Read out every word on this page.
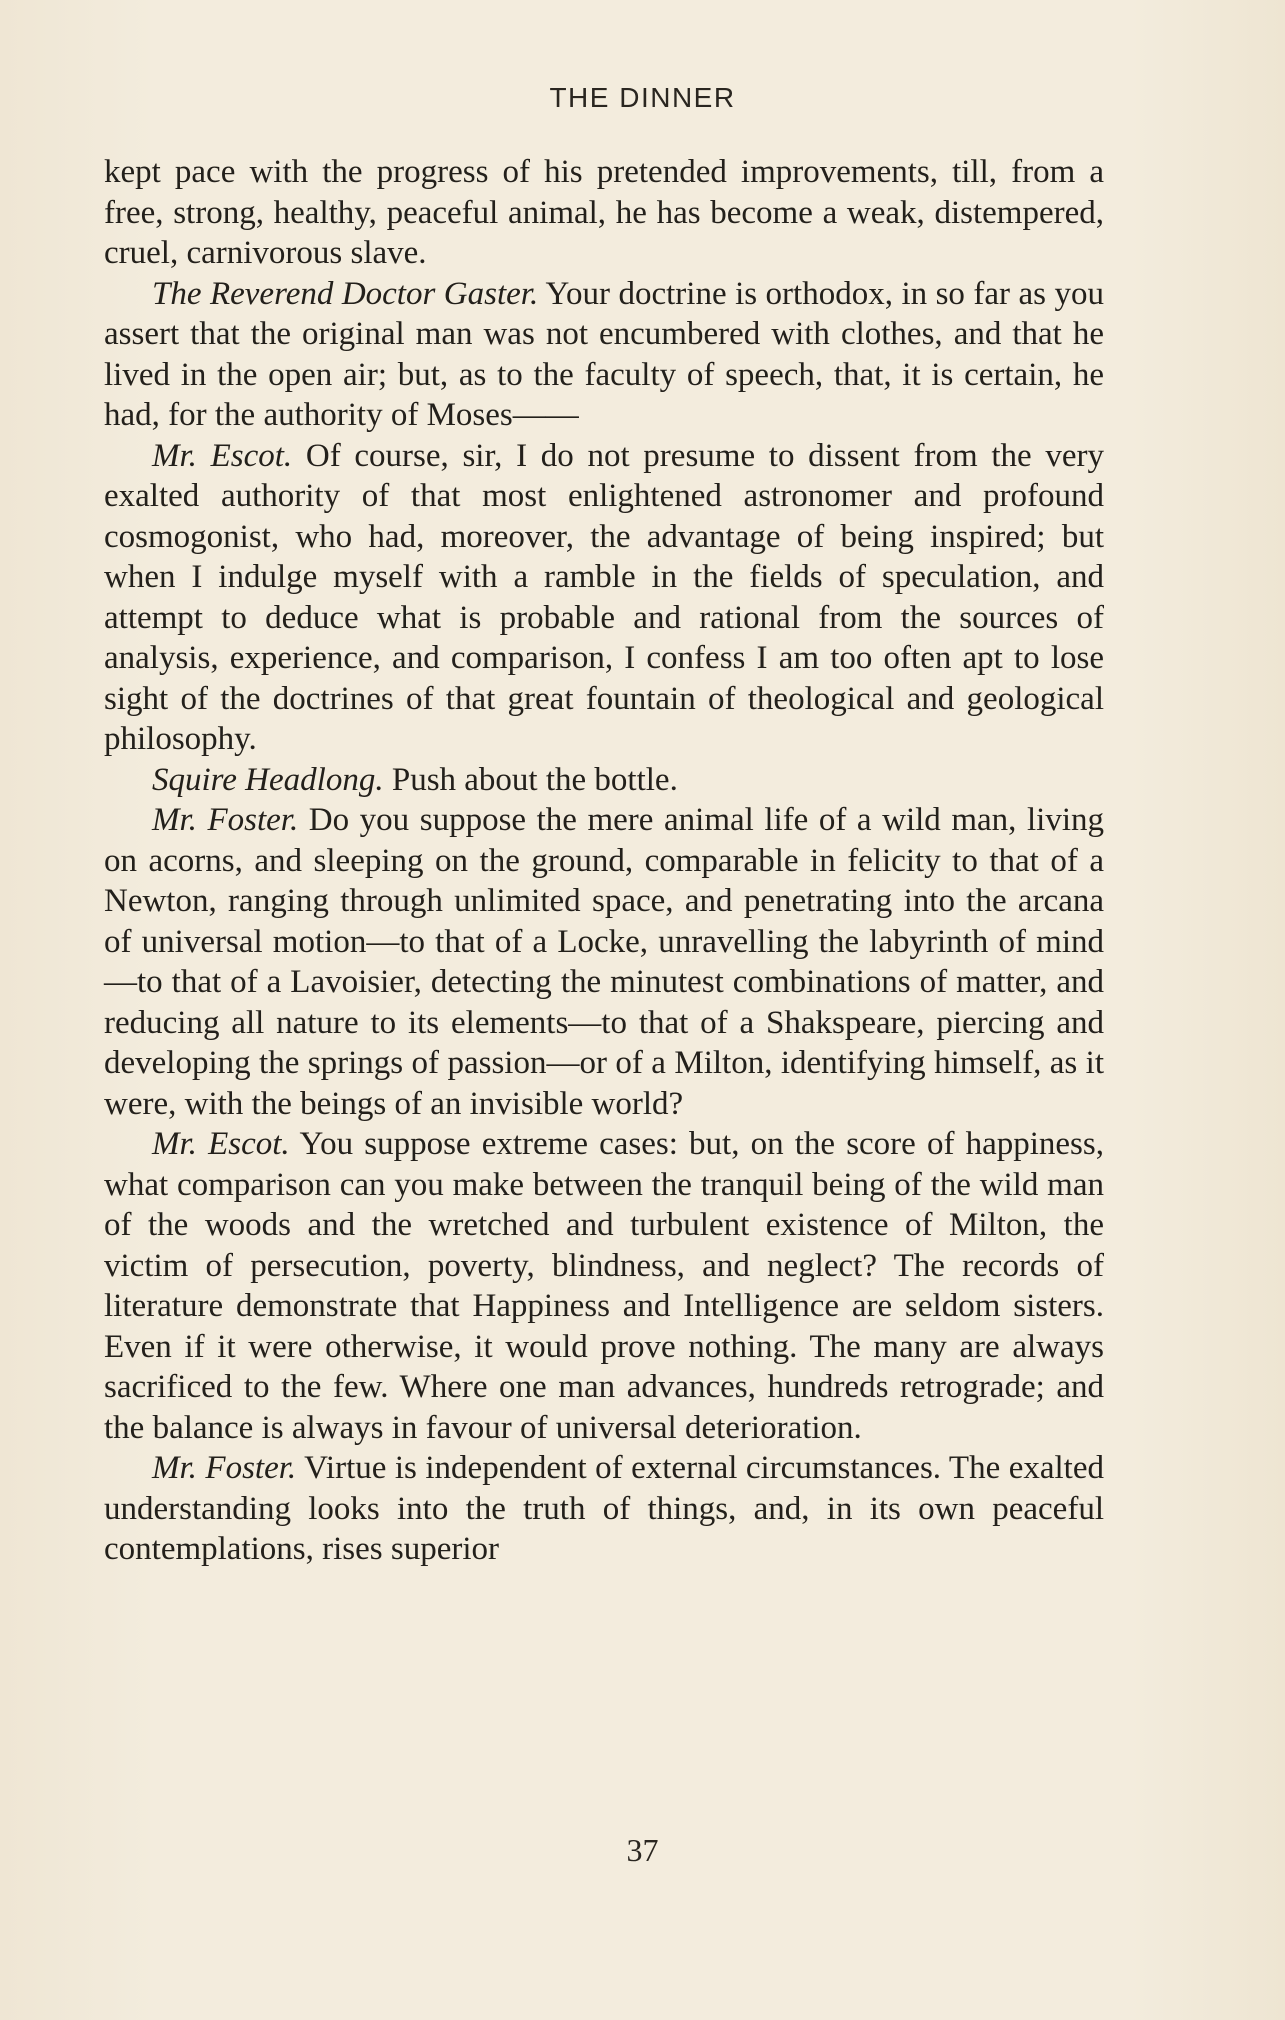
THE DINNER

kept pace with the progress of his pretended improvements, till, from a free, strong, healthy, peaceful animal, he has become a weak, distempered, cruel, carnivorous slave.

The Reverend Doctor Gaster. Your doctrine is orthodox, in so far as you assert that the original man was not encumbered with clothes, and that he lived in the open air; but, as to the faculty of speech, that, it is certain, he had, for the authority of Moses——

Mr. Escot. Of course, sir, I do not presume to dissent from the very exalted authority of that most enlightened astronomer and profound cosmogonist, who had, moreover, the advantage of being inspired; but when I indulge myself with a ramble in the fields of speculation, and attempt to deduce what is probable and rational from the sources of analysis, experience, and comparison, I confess I am too often apt to lose sight of the doctrines of that great fountain of theological and geological philosophy.

Squire Headlong. Push about the bottle.

Mr. Foster. Do you suppose the mere animal life of a wild man, living on acorns, and sleeping on the ground, comparable in felicity to that of a Newton, ranging through unlimited space, and penetrating into the arcana of universal motion—to that of a Locke, unravelling the labyrinth of mind—to that of a Lavoisier, detecting the minutest combinations of matter, and reducing all nature to its elements—to that of a Shakspeare, piercing and developing the springs of passion—or of a Milton, identifying himself, as it were, with the beings of an invisible world?

Mr. Escot. You suppose extreme cases: but, on the score of happiness, what comparison can you make between the tranquil being of the wild man of the woods and the wretched and turbulent existence of Milton, the victim of persecution, poverty, blindness, and neglect? The records of literature demonstrate that Happiness and Intelligence are seldom sisters. Even if it were otherwise, it would prove nothing. The many are always sacrificed to the few. Where one man advances, hundreds retrograde; and the balance is always in favour of universal deterioration.

Mr. Foster. Virtue is independent of external circumstances. The exalted understanding looks into the truth of things, and, in its own peaceful contemplations, rises superior

37
